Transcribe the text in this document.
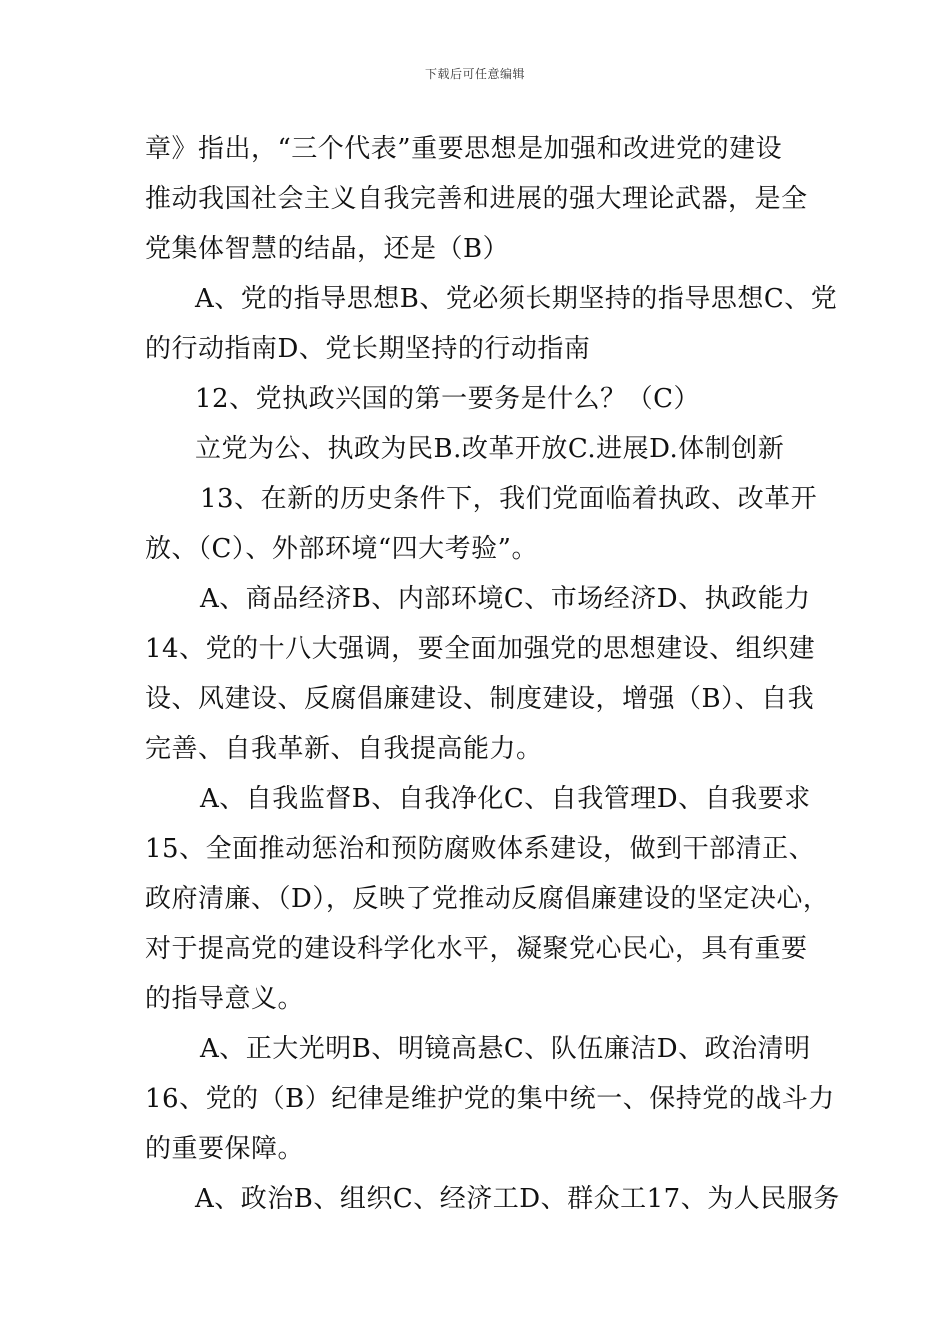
下载后可任意编辑
章》指出，“三个代表”重要思想是加强和改进党的建设
推动我国社会主义自我完善和进展的强大理论武器，是全
党集体智慧的结晶，还是（B）
A、党的指导思想B、党必须长期坚持的指导思想C、党
的行动指南D、党长期坚持的行动指南
12、党执政兴国的第一要务是什么？（C）
立党为公、执政为民B.改革开放C.进展D.体制创新
13、在新的历史条件下，我们党面临着执政、改革开
放、（C）、外部环境“四大考验”。
A、商品经济B、内部环境C、市场经济D、执政能力
14、党的十八大强调，要全面加强党的思想建设、组织建
设、风建设、反腐倡廉建设、制度建设，增强（B）、自我
完善、自我革新、自我提高能力。
A、自我监督B、自我净化C、自我管理D、自我要求
15、全面推动惩治和预防腐败体系建设，做到干部清正、
政府清廉、（D），反映了党推动反腐倡廉建设的坚定决心，
对于提高党的建设科学化水平，凝聚党心民心，具有重要
的指导意义。
A、正大光明B、明镜高悬C、队伍廉洁D、政治清明
16、党的（B）纪律是维护党的集中统一、保持党的战斗力
的重要保障。
A、政治B、组织C、经济工D、群众工17、为人民服务
